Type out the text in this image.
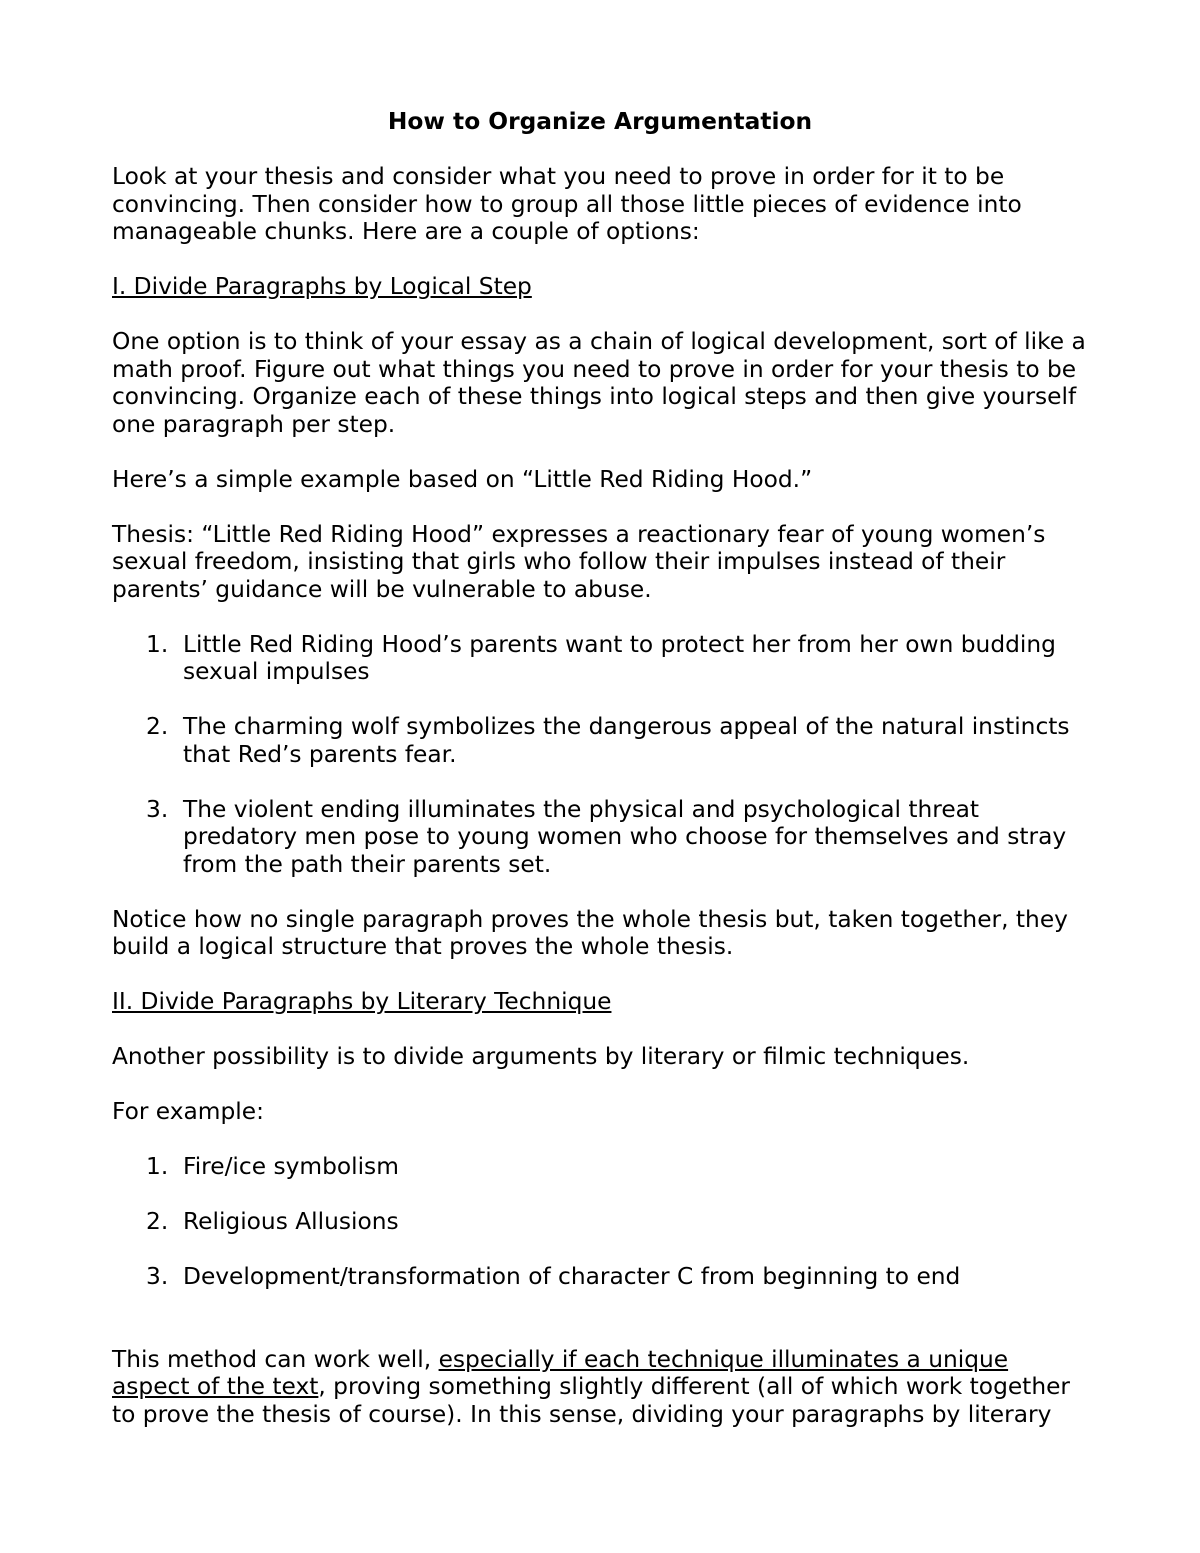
How to Organize Argumentation

Look at your thesis and consider what you need to prove in order for it to be convincing. Then consider how to group all those little pieces of evidence into manageable chunks. Here are a couple of options:

I. Divide Paragraphs by Logical Step

One option is to think of your essay as a chain of logical development, sort of like a math proof. Figure out what things you need to prove in order for your thesis to be convincing. Organize each of these things into logical steps and then give yourself one paragraph per step.

Here’s a simple example based on “Little Red Riding Hood.”

Thesis: “Little Red Riding Hood” expresses a reactionary fear of young women’s sexual freedom, insisting that girls who follow their impulses instead of their parents’ guidance will be vulnerable to abuse.

1. Little Red Riding Hood’s parents want to protect her from her own budding sexual impulses
2. The charming wolf symbolizes the dangerous appeal of the natural instincts that Red’s parents fear.
3. The violent ending illuminates the physical and psychological threat predatory men pose to young women who choose for themselves and stray from the path their parents set.

Notice how no single paragraph proves the whole thesis but, taken together, they build a logical structure that proves the whole thesis.

II. Divide Paragraphs by Literary Technique

Another possibility is to divide arguments by literary or filmic techniques.

For example:

1. Fire/ice symbolism
2. Religious Allusions
3. Development/transformation of character C from beginning to end

This method can work well, especially if each technique illuminates a unique aspect of the text, proving something slightly different (all of which work together to prove the thesis of course). In this sense, dividing your paragraphs by literary
